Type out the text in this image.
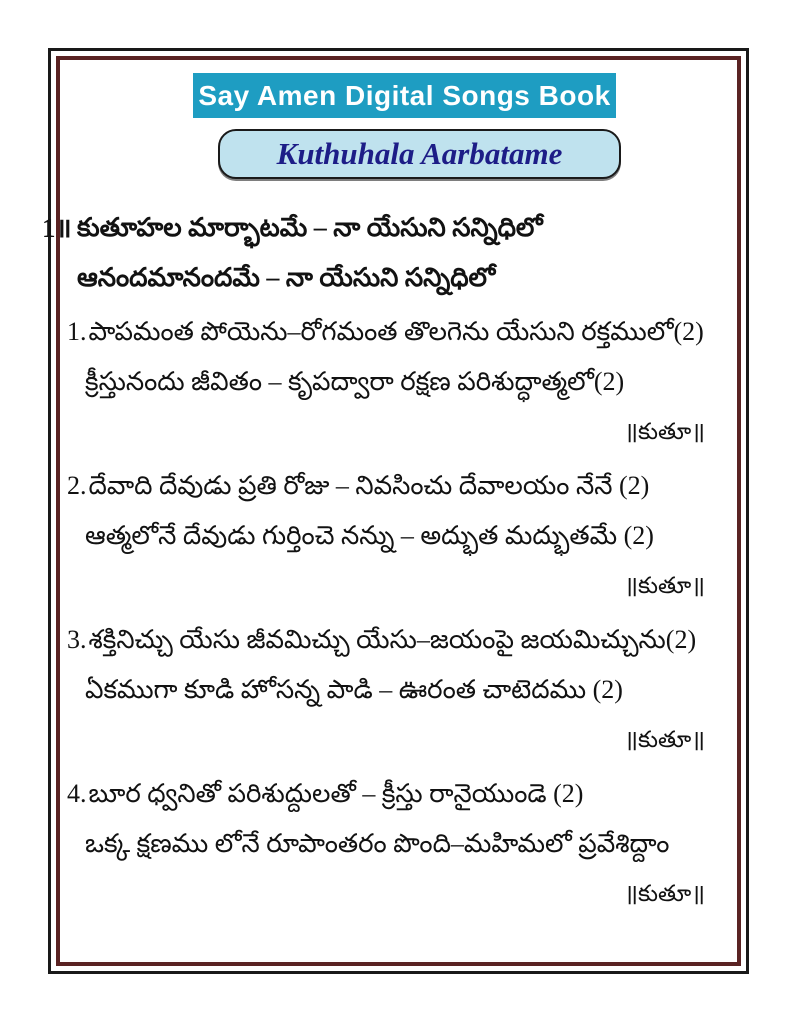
Say Amen Digital Songs Book
Kuthuhala Aarbatame
1॥ కుతూహల మార్భాటమే – నా యేసుని సన్నిధిలో
ఆనందమానందమే – నా యేసుని సన్నిధిలో
1.పాపమంత పోయెను–రోగమంత తొలగెను యేసుని రక్తములో(2)
క్రీస్తునందు జీవితం – కృపద్వారా రక్షణ పరిశుద్ధాత్మలో(2)
॥కుతూ॥
2.దేవాది దేవుడు ప్రతి రోజు – నివసించు దేవాలయం నేనే (2)
ఆత్మలోనే దేవుడు గుర్తించె నన్ను – అద్భుత మద్భుతమే (2)
॥కుతూ॥
3.శక్తినిచ్చు యేసు జీవమిచ్చు యేసు–జయంపై జయమిచ్చును(2)
ఏకముగా కూడి హోసన్న పాడి – ఊరంత చాటెదము (2)
॥కుతూ॥
4.బూర ధ్వనితో పరిశుద్దులతో – క్రీస్తు రానైయుండె (2)
ఒక్క క్షణము లోనే రూపాంతరం పొంది–మహిమలో ప్రవేశిద్దాం
॥కుతూ॥
